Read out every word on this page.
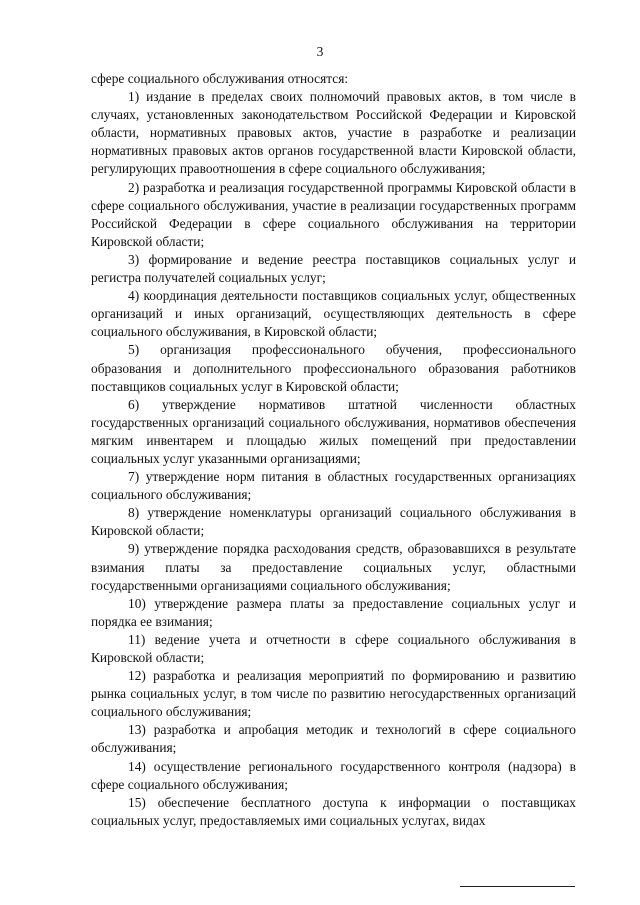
3

сфере социального обслуживания относятся:

1) издание в пределах своих полномочий правовых актов, в том числе в случаях, установленных законодательством Российской Федерации и Кировской области, нормативных правовых актов, участие в разработке и реализации нормативных правовых актов органов государственной власти Кировской области, регулирующих правоотношения в сфере социального обслуживания;

2) разработка и реализация государственной программы Кировской области в сфере социального обслуживания, участие в реализации государственных программ Российской Федерации в сфере социального обслуживания на территории Кировской области;

3) формирование и ведение реестра поставщиков социальных услуг и регистра получателей социальных услуг;

4) координация деятельности поставщиков социальных услуг, общественных организаций и иных организаций, осуществляющих деятельность в сфере социального обслуживания, в Кировской области;

5) организация профессионального обучения, профессионального образования и дополнительного профессионального образования работников поставщиков социальных услуг в Кировской области;

6) утверждение нормативов штатной численности областных государственных организаций социального обслуживания, нормативов обеспечения мягким инвентарем и площадью жилых помещений при предоставлении социальных услуг указанными организациями;

7) утверждение норм питания в областных государственных организациях социального обслуживания;

8) утверждение номенклатуры организаций социального обслуживания в Кировской области;

9) утверждение порядка расходования средств, образовавшихся в результате взимания платы за предоставление социальных услуг, областными государственными организациями социального обслуживания;

10) утверждение размера платы за предоставление социальных услуг и порядка ее взимания;

11) ведение учета и отчетности в сфере социального обслуживания в Кировской области;

12) разработка и реализация мероприятий по формированию и развитию рынка социальных услуг, в том числе по развитию негосударственных организаций социального обслуживания;

13) разработка и апробация методик и технологий в сфере социального обслуживания;

14) осуществление регионального государственного контроля (надзора) в сфере социального обслуживания;

15) обеспечение бесплатного доступа к информации о поставщиках социальных услуг, предоставляемых ими социальных услугах, видах
